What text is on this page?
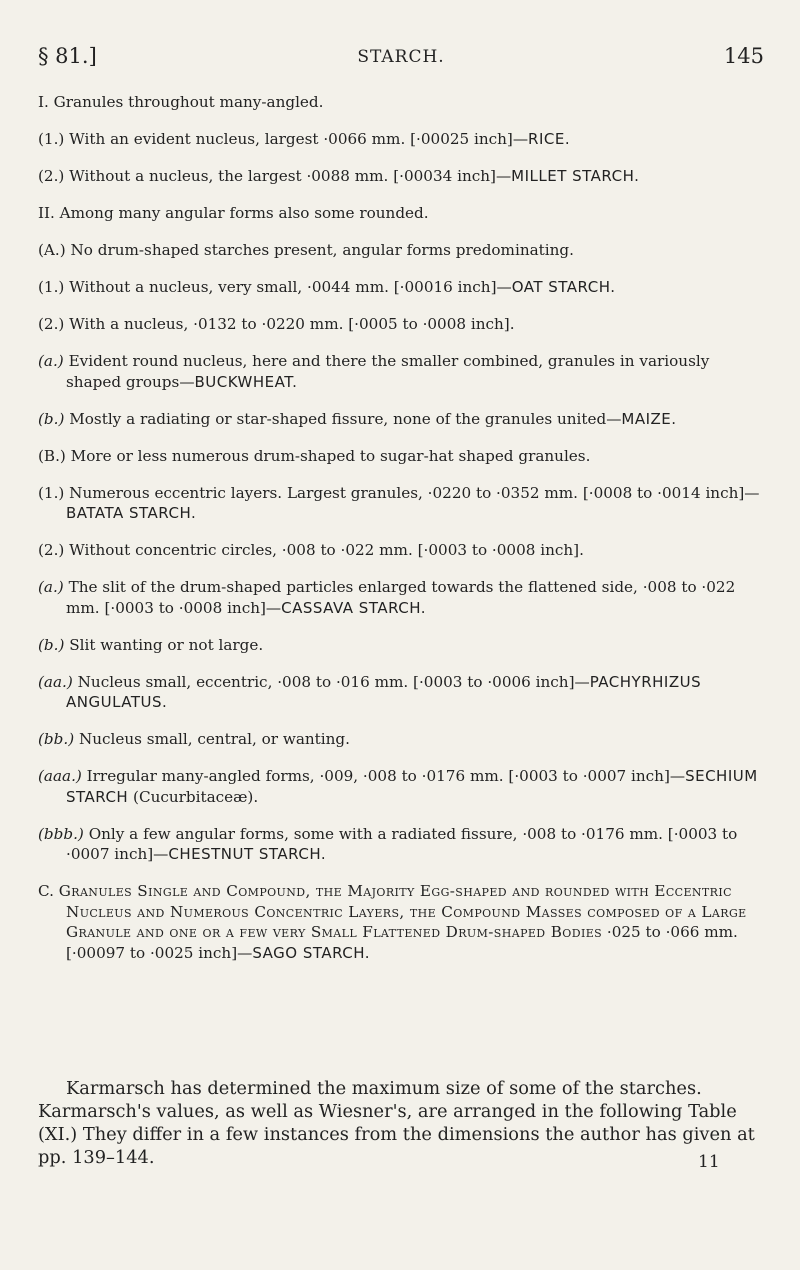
§ 81.]	STARCH.	145

I. Granules throughout many-angled.

(1.) With an evident nucleus, largest ·0066 mm. [·00025 inch]—RICE.

(2.) Without a nucleus, the largest ·0088 mm. [·00034 inch]—MILLET STARCH.

II. Among many angular forms also some rounded.

(A.) No drum-shaped starches present, angular forms predominating.

(1.) Without a nucleus, very small, ·0044 mm. [·00016 inch]—OAT STARCH.

(2.) With a nucleus, ·0132 to ·0220 mm. [·0005 to ·0008 inch].

(a.) Evident round nucleus, here and there the smaller combined, granules in variously shaped groups—BUCKWHEAT.

(b.) Mostly a radiating or star-shaped fissure, none of the granules united—MAIZE.

(B.) More or less numerous drum-shaped to sugar-hat shaped granules.

(1.) Numerous eccentric layers. Largest granules, ·0220 to ·0352 mm. [·0008 to ·0014 inch]—BATATA STARCH.

(2.) Without concentric circles, ·008 to ·022 mm. [·0003 to ·0008 inch].

(a.) The slit of the drum-shaped particles enlarged towards the flattened side, ·008 to ·022 mm. [·0003 to ·0008 inch]—CASSAVA STARCH.

(b.) Slit wanting or not large.

(aa.) Nucleus small, eccentric, ·008 to ·016 mm. [·0003 to ·0006 inch]—PACHYRHIZUS ANGULATUS.

(bb.) Nucleus small, central, or wanting.

(aaa.) Irregular many-angled forms, ·009, ·008 to ·0176 mm. [·0003 to ·0007 inch]—SECHIUM STARCH (Cucurbitaceæ).

(bbb.) Only a few angular forms, some with a radiated fissure, ·008 to ·0176 mm. [·0003 to ·0007 inch]—CHESTNUT STARCH.

C. Granules Single and Compound, the Majority Egg-shaped and rounded with Eccentric Nucleus and Numerous Concentric Layers, the Compound Masses composed of a Large Granule and one or a few very Small Flattened Drum-shaped Bodies ·025 to ·066 mm. [·00097 to ·0025 inch]—SAGO STARCH.

Karmarsch has determined the maximum size of some of the starches. Karmarsch's values, as well as Wiesner's, are arranged in the following Table (XI.) They differ in a few instances from the dimensions the author has given at pp. 139–144.	11
